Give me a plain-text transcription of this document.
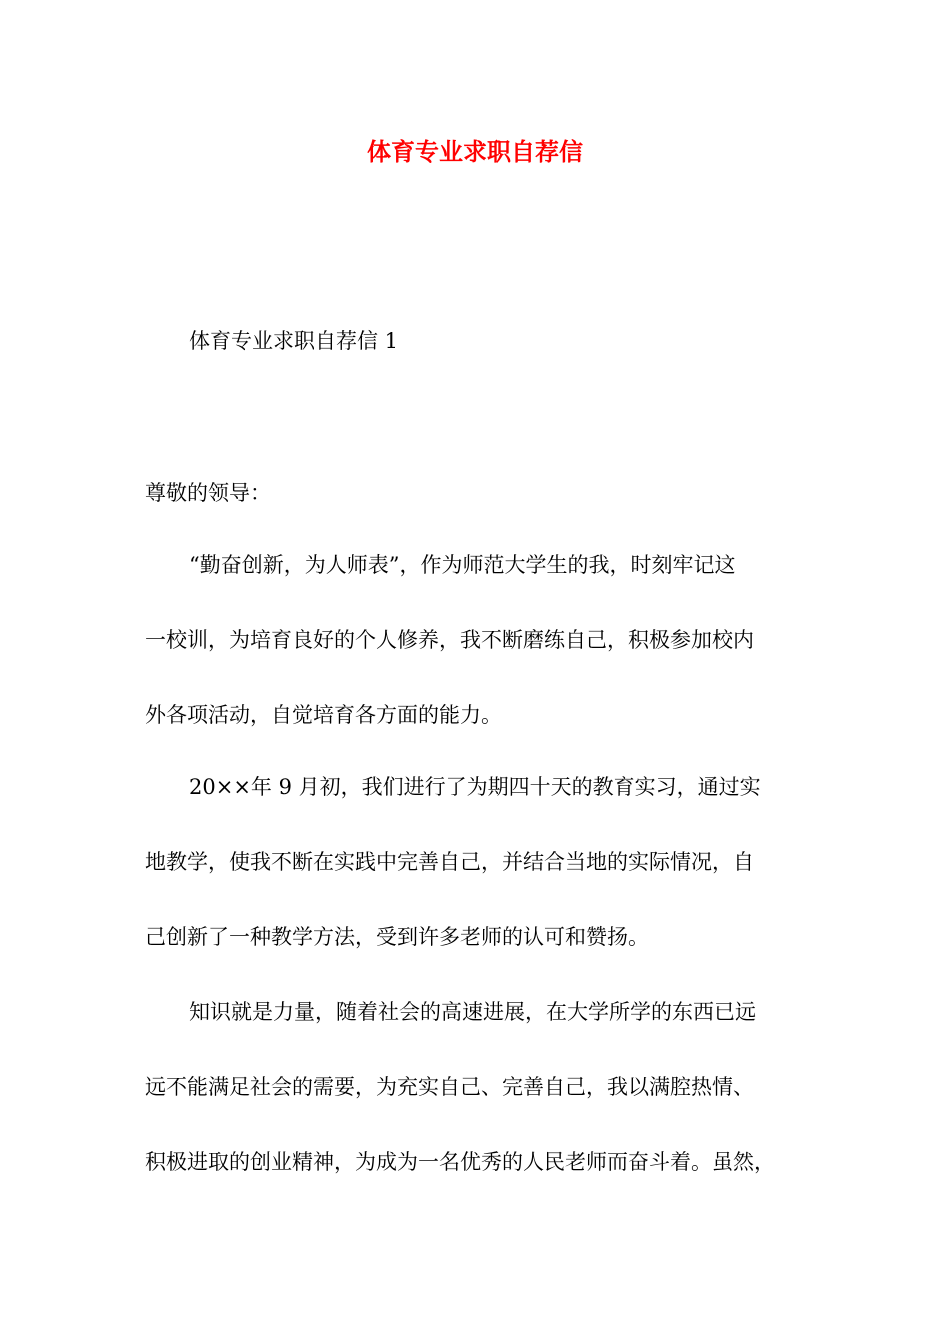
体育专业求职自荐信

体育专业求职自荐信 1

尊敬的领导：

“勤奋创新，为人师表”，作为师范大学生的我，时刻牢记这

一校训，为培育良好的个人修养，我不断磨练自己，积极参加校内

外各项活动，自觉培育各方面的能力。

20××年 9 月初，我们进行了为期四十天的教育实习，通过实

地教学，使我不断在实践中完善自己，并结合当地的实际情况，自

己创新了一种教学方法，受到许多老师的认可和赞扬。

知识就是力量，随着社会的高速进展，在大学所学的东西已远

远不能满足社会的需要，为充实自己、完善自己，我以满腔热情、

积极进取的创业精神，为成为一名优秀的人民老师而奋斗着。虽然，
